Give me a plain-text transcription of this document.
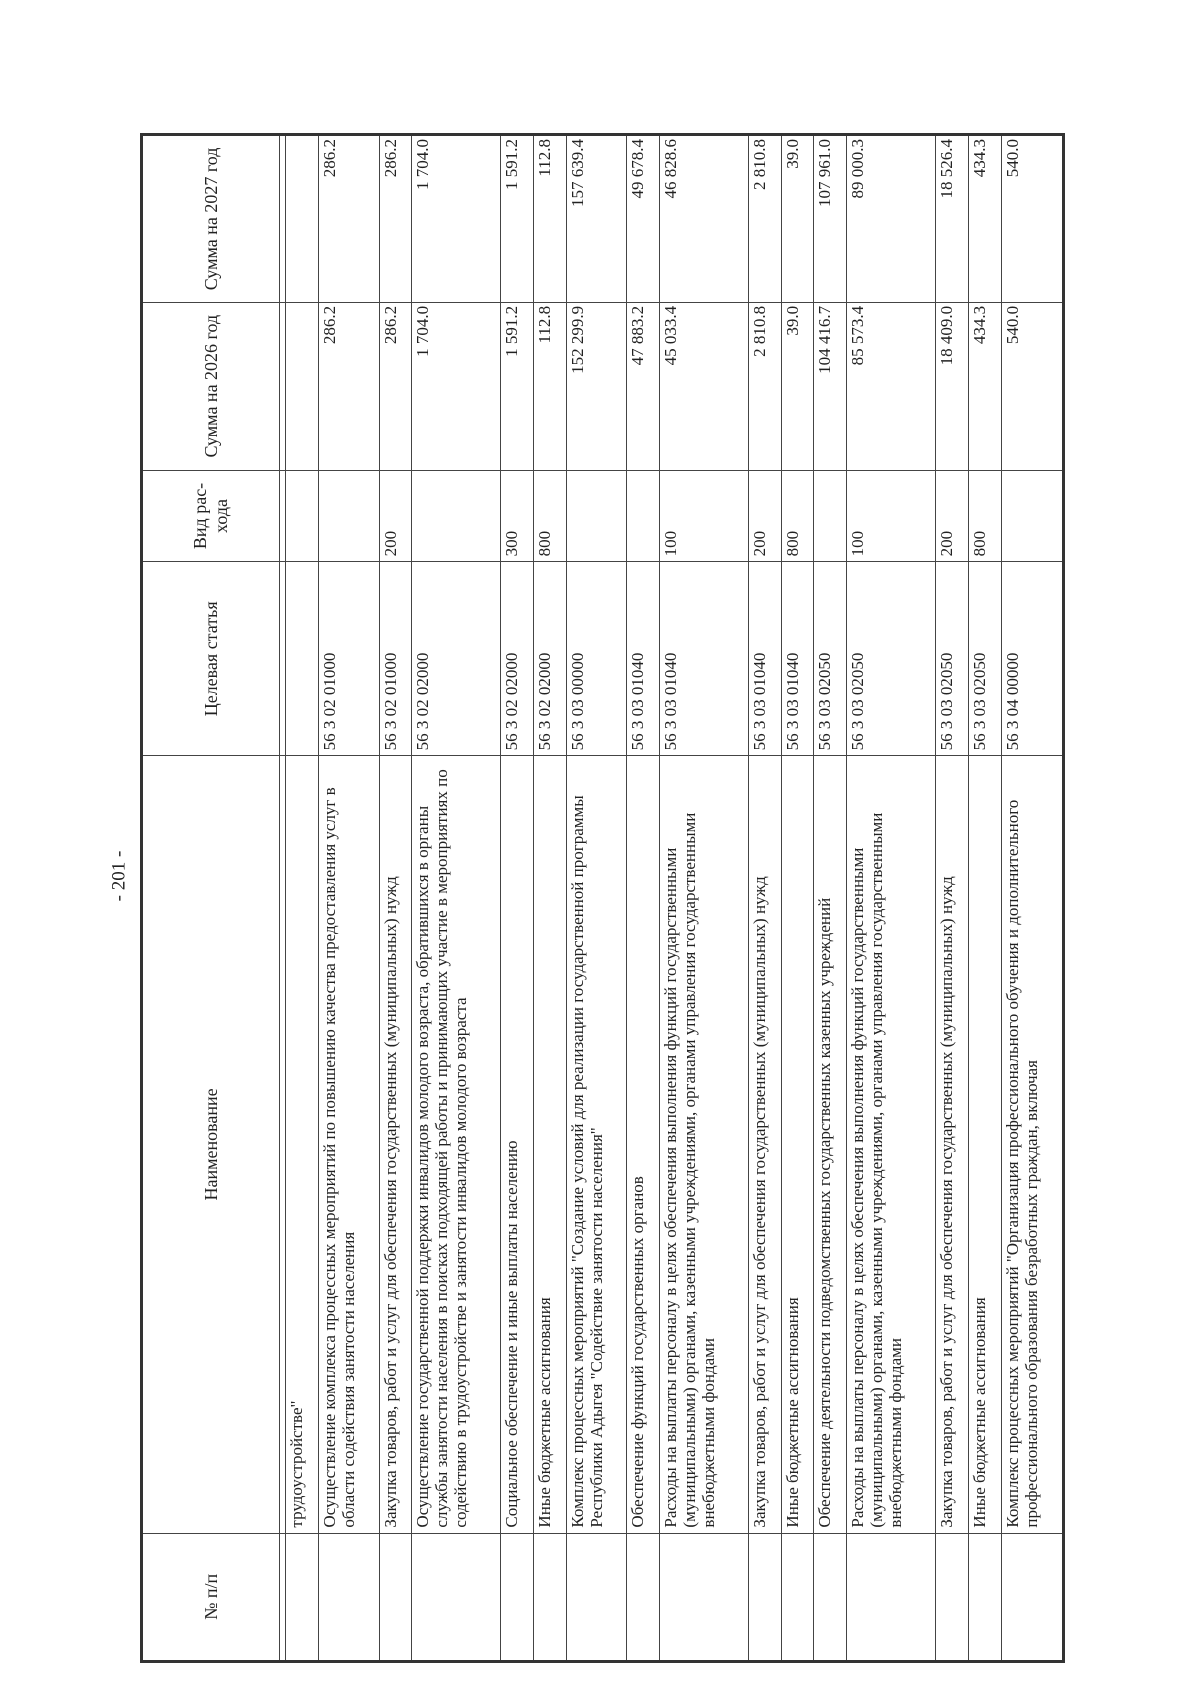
- 201 -
№ п/п	Наименование	Целевая статья	Вид рас-хода	Сумма на 2026 год	Сумма на 2027 год

	трудоустройстве"				
	Осуществление комплекса процессных мероприятий по повышению качества предоставления услуг в области содействия занятости населения	56 3 02 01000		286.2	286.2
	Закупка товаров, работ и услуг для обеспечения государственных (муниципальных) нужд	56 3 02 01000	200	286.2	286.2
	Осуществление государственной поддержки инвалидов молодого возраста, обратившихся в органы службы занятости населения в поисках подходящей работы и принимающих участие в мероприятиях по содействию в трудоустройстве и занятости инвалидов молодого возраста	56 3 02 02000		1 704.0	1 704.0
	Социальное обеспечение и иные выплаты населению	56 3 02 02000	300	1 591.2	1 591.2
	Иные бюджетные ассигнования	56 3 02 02000	800	112.8	112.8
	Комплекс процессных мероприятий "Создание условий для реализации государственной программы Республики Адыгея "Содействие занятости населения"	56 3 03 00000		152 299.9	157 639.4
	Обеспечение функций государственных органов	56 3 03 01040		47 883.2	49 678.4
	Расходы на выплаты персоналу в целях обеспечения выполнения функций государственными (муниципальными) органами, казенными учреждениями, органами управления государственными внебюджетными фондами	56 3 03 01040	100	45 033.4	46 828.6
	Закупка товаров, работ и услуг для обеспечения государственных (муниципальных) нужд	56 3 03 01040	200	2 810.8	2 810.8
	Иные бюджетные ассигнования	56 3 03 01040	800	39.0	39.0
	Обеспечение деятельности подведомственных государственных казенных учреждений	56 3 03 02050		104 416.7	107 961.0
	Расходы на выплаты персоналу в целях обеспечения выполнения функций государственными (муниципальными) органами, казенными учреждениями, органами управления государственными внебюджетными фондами	56 3 03 02050	100	85 573.4	89 000.3
	Закупка товаров, работ и услуг для обеспечения государственных (муниципальных) нужд	56 3 03 02050	200	18 409.0	18 526.4
	Иные бюджетные ассигнования	56 3 03 02050	800	434.3	434.3
	Комплекс процессных мероприятий "Организация профессионального обучения и дополнительного профессионального образования безработных граждан, включая	56 3 04 00000		540.0	540.0
